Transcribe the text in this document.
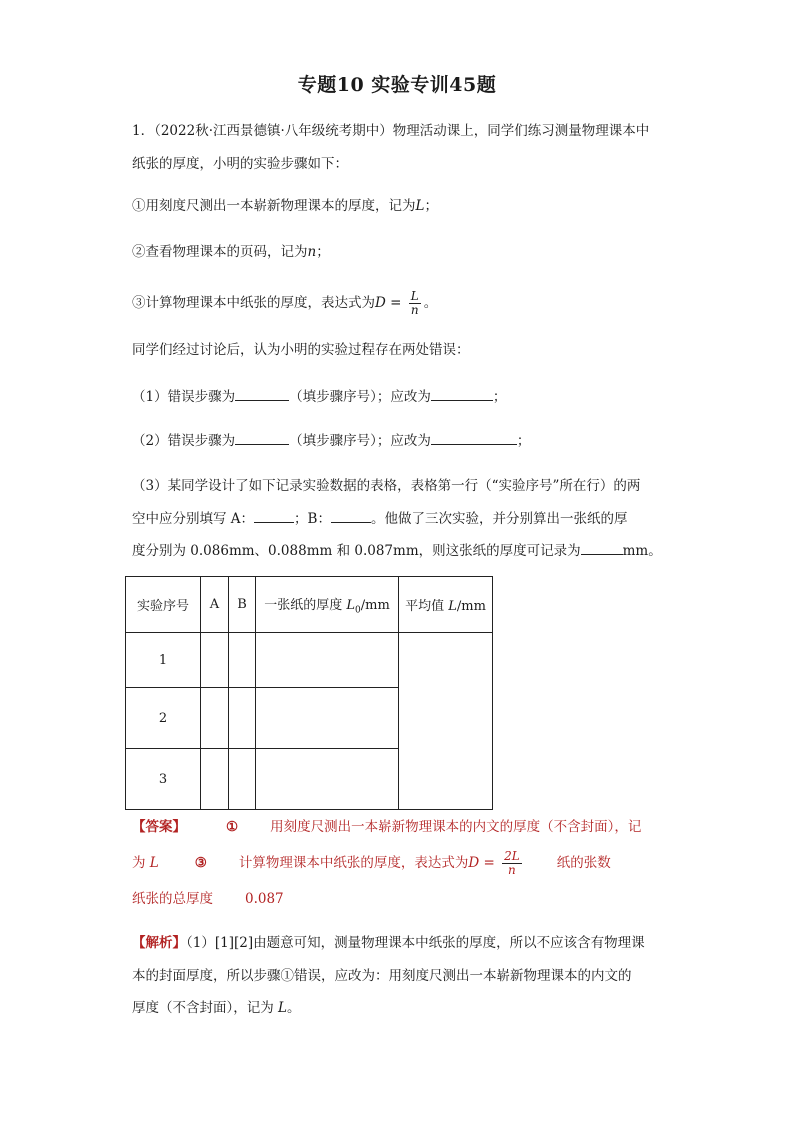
专题10 实验专训45题
1．（2022秋·江西景德镇·八年级统考期中）物理活动课上，同学们练习测量物理课本中
纸张的厚度，小明的实验步骤如下：
①用刻度尺测出一本崭新物理课本的厚度，记为L；
②查看物理课本的页码，记为n；
③计算物理课本中纸张的厚度，表达式为$D = \frac{L}{n}$ 。
同学们经过讨论后，认为小明的实验过程存在两处错误：
（1）错误步骤为	（填步骤序号）；应改为	；
（2）错误步骤为	（填步骤序号）；应改为	；
（3）某同学设计了如下记录实验数据的表格，表格第一行（“实验序号”所在行）的两
空中应分别填写 A：	；B：	。他做了三次实验，并分别算出一张纸的厚
度分别为 0.086mm、0.088mm 和 0.087mm，则这张纸的厚度可记录为	mm。
实验序号	A	B	一张纸的厚度 $L_0/mm$	平均值 L/mm
1				
2				
3				
【答案】	① 用刻度尺测出一本崭新物理课本的内文的厚度（不含封面），记
为 L	③ 计算物理课本中纸张的厚度，表达式为$D = \frac{2L}{n}$	纸的张数
纸张的总厚度 0.087
【解析】（1）[1][2]由题意可知，测量物理课本中纸张的厚度，所以不应该含有物理课
本的封面厚度，所以步骤①错误，应改为：用刻度尺测出一本崭新物理课本的内文的
厚度（不含封面），记为 L。
